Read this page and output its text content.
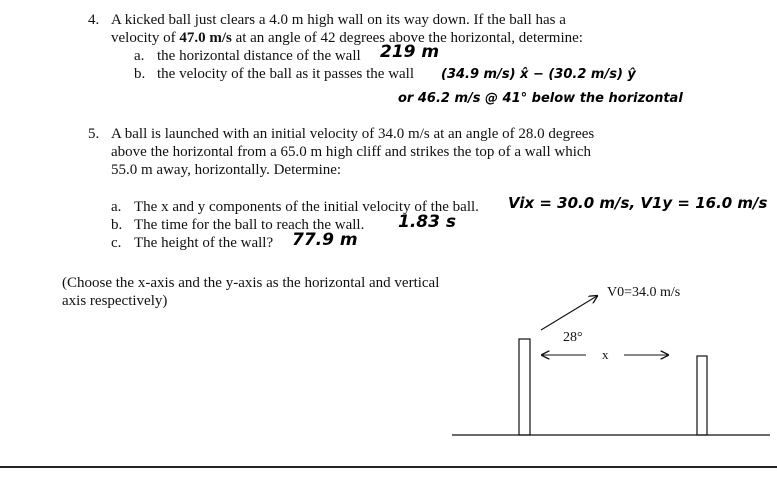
4. A kicked ball just clears a 4.0 m high wall on its way down. If the ball has a
velocity of 47.0 m/s at an angle of 42 degrees above the horizontal, determine:
a. the horizontal distance of the wall 219 m
b. the velocity of the ball as it passes the wall (34.9 m/s) x̂ − (30.2 m/s) ŷ
or 46.2 m/s @ 41° below the horizontal
5. A ball is launched with an initial velocity of 34.0 m/s at an angle of 28.0 degrees
above the horizontal from a 65.0 m high cliff and strikes the top of a wall which
55.0 m away, horizontally. Determine:
a. The x and y components of the initial velocity of the ball. Vix = 30.0 m/s, V1y = 16.0 m/s
b. The time for the ball to reach the wall. 1.83 s
c. The height of the wall? 77.9 m
(Choose the x-axis and the y-axis as the horizontal and vertical
axis respectively)
V0=34.0 m/s
28°
x
